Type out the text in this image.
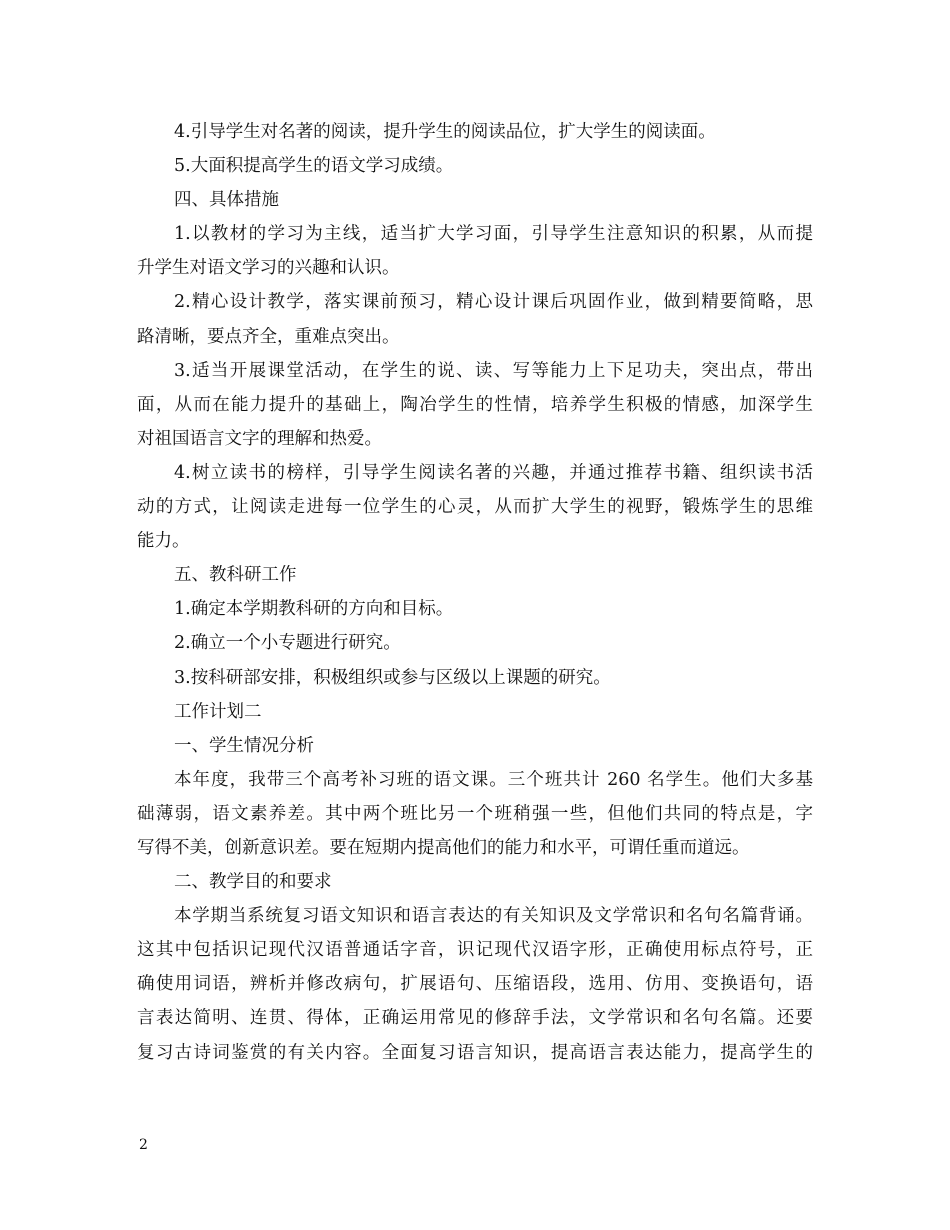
4.引导学生对名著的阅读，提升学生的阅读品位，扩大学生的阅读面。
5.大面积提高学生的语文学习成绩。
四、具体措施
1.以教材的学习为主线，适当扩大学习面，引导学生注意知识的积累，从而提
升学生对语文学习的兴趣和认识。
2.精心设计教学，落实课前预习，精心设计课后巩固作业，做到精要简略，思
路清晰，要点齐全，重难点突出。
3.适当开展课堂活动，在学生的说、读、写等能力上下足功夫，突出点，带出
面，从而在能力提升的基础上，陶冶学生的性情，培养学生积极的情感，加深学生
对祖国语言文字的理解和热爱。
4.树立读书的榜样，引导学生阅读名著的兴趣，并通过推荐书籍、组织读书活
动的方式，让阅读走进每一位学生的心灵，从而扩大学生的视野，锻炼学生的思维
能力。
五、教科研工作
1.确定本学期教科研的方向和目标。
2.确立一个小专题进行研究。
3.按科研部安排，积极组织或参与区级以上课题的研究。
工作计划二
一、学生情况分析
本年度，我带三个高考补习班的语文课。三个班共计 260 名学生。他们大多基
础薄弱，语文素养差。其中两个班比另一个班稍强一些，但他们共同的特点是，字
写得不美，创新意识差。要在短期内提高他们的能力和水平，可谓任重而道远。
二、教学目的和要求
本学期当系统复习语文知识和语言表达的有关知识及文学常识和名句名篇背诵。
这其中包括识记现代汉语普通话字音，识记现代汉语字形，正确使用标点符号，正
确使用词语，辨析并修改病句，扩展语句、压缩语段，选用、仿用、变换语句，语
言表达简明、连贯、得体，正确运用常见的修辞手法，文学常识和名句名篇。还要
复习古诗词鉴赏的有关内容。全面复习语言知识，提高语言表达能力，提高学生的
2
